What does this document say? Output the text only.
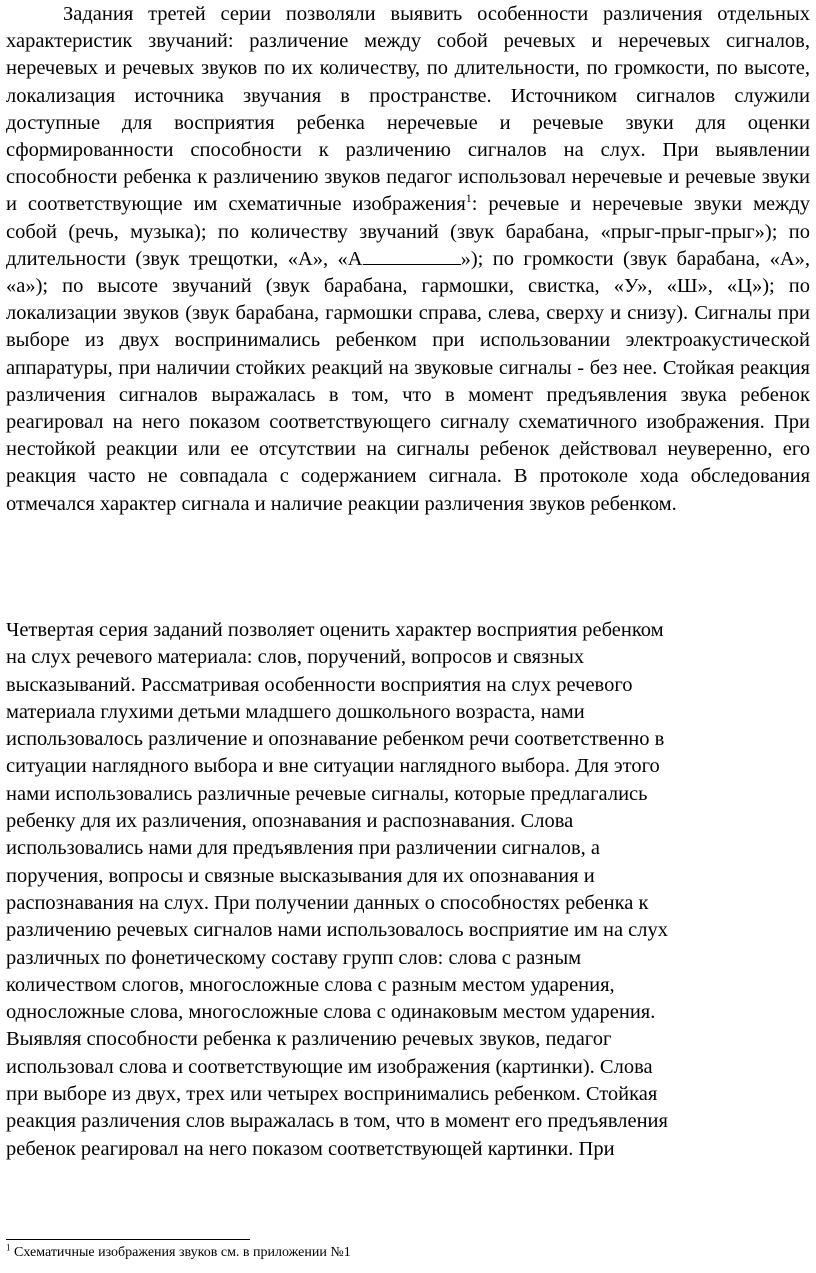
Задания третей серии позволяли выявить особенности различения отдельных характеристик звучаний: различение между собой речевых и неречевых сигналов, неречевых и речевых звуков по их количеству, по длительности, по громкости, по высоте, локализация источника звучания в пространстве. Источником сигналов служили доступные для восприятия ребенка неречевые и речевые звуки для оценки сформированности способности к различению сигналов на слух. При выявлении способности ребенка к различению звуков педагог использовал неречевые и речевые звуки и соответствующие им схематичные изображения$^1$: речевые и неречевые звуки между собой (речь, музыка); по количеству звучаний (звук барабана, «прыг-прыг-прыг»); по длительности (звук трещотки, «А», «А	»); по громкости (звук барабана, «А», «а»); по высоте звучаний (звук барабана, гармошки, свистка, «У», «Ш», «Ц»); по локализации звуков (звук барабана, гармошки справа, слева, сверху и снизу). Сигналы при выборе из двух воспринимались ребенком при использовании электроакустической аппаратуры, при наличии стойких реакций на звуковые сигналы - без нее. Стойкая реакция различения сигналов выражалась в том, что в момент предъявления звука ребенок реагировал на него показом соответствующего сигналу схематичного изображения. При нестойкой реакции или ее отсутствии на сигналы ребенок действовал неуверенно, его реакция часто не совпадала с содержанием сигнала. В протоколе хода обследования отмечался характер сигнала и наличие реакции различения звуков ребенком.

Четвертая серия заданий позволяет оценить характер восприятия ребенком
на слух речевого материала: слов, поручений, вопросов и связных
высказываний. Рассматривая особенности восприятия на слух речевого
материала глухими детьми младшего дошкольного возраста, нами
использовалось различение и опознавание ребенком речи соответственно в
ситуации наглядного выбора и вне ситуации наглядного выбора. Для этого
нами использовались различные речевые сигналы, которые предлагались
ребенку для их различения, опознавания и распознавания. Слова
использовались нами для предъявления при различении сигналов, а
поручения, вопросы и связные высказывания для их опознавания и
распознавания на слух. При получении данных о способностях ребенка к
различению речевых сигналов нами использовалось восприятие им на слух
различных по фонетическому составу групп слов: слова с разным
количеством слогов, многосложные слова с разным местом ударения,
односложные слова, многосложные слова с одинаковым местом ударения.
Выявляя способности ребенка к различению речевых звуков, педагог
использовал слова и соответствующие им изображения (картинки). Слова
при выборе из двух, трех или четырех воспринимались ребенком. Стойкая
реакция различения слов выражалась в том, что в момент его предъявления
ребенок реагировал на него показом соответствующей картинки. При

$^1$ Схематичные изображения звуков см. в приложении №1
